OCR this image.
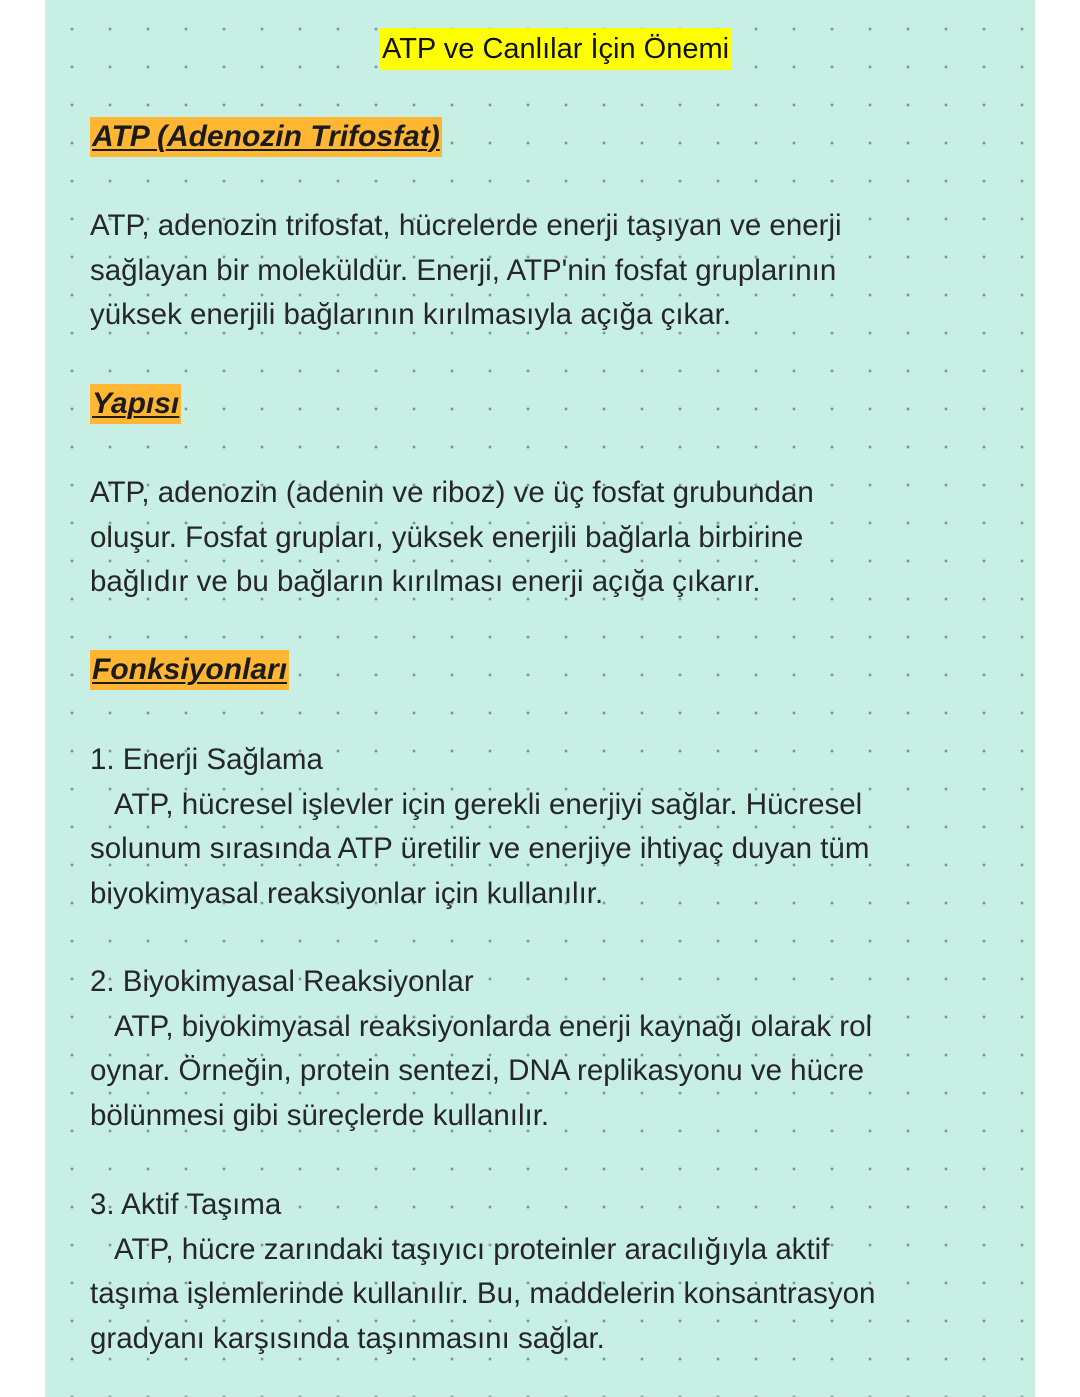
ATP ve Canlılar İçin Önemi
ATP (Adenozin Trifosfat)
ATP, adenozin trifosfat, hücrelerde enerji taşıyan ve enerji
sağlayan bir moleküldür. Enerji, ATP'nin fosfat gruplarının
yüksek enerjili bağlarının kırılmasıyla açığa çıkar.
Yapısı
ATP, adenozin (adenin ve riboz) ve üç fosfat grubundan
oluşur. Fosfat grupları, yüksek enerjili bağlarla birbirine
bağlıdır ve bu bağların kırılması enerji açığa çıkarır.
Fonksiyonları
1. Enerji Sağlama
ATP, hücresel işlevler için gerekli enerjiyi sağlar. Hücresel
solunum sırasında ATP üretilir ve enerjiye ihtiyaç duyan tüm
biyokimyasal reaksiyonlar için kullanılır.
2. Biyokimyasal Reaksiyonlar
ATP, biyokimyasal reaksiyonlarda enerji kaynağı olarak rol
oynar. Örneğin, protein sentezi, DNA replikasyonu ve hücre
bölünmesi gibi süreçlerde kullanılır.
3. Aktif Taşıma
ATP, hücre zarındaki taşıyıcı proteinler aracılığıyla aktif
taşıma işlemlerinde kullanılır. Bu, maddelerin konsantrasyon
gradyanı karşısında taşınmasını sağlar.
